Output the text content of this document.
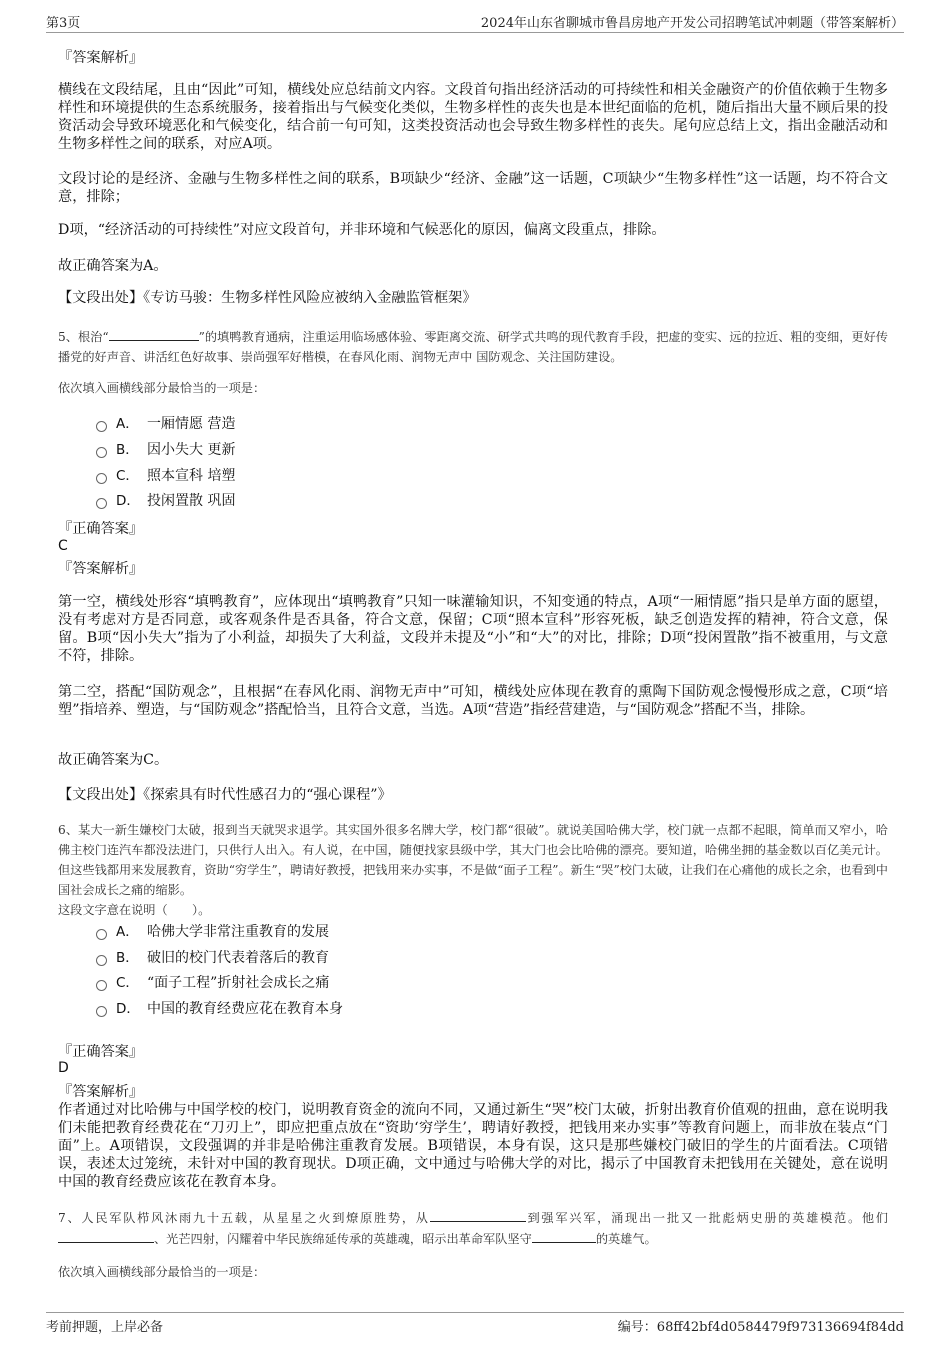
第3页	2024年山东省聊城市鲁昌房地产开发公司招聘笔试冲刺题（带答案解析）
『答案解析』

横线在文段结尾，且由“因此”可知，横线处应总结前文内容。文段首句指出经济活动的可持续性和相关金融资产的价值依赖于生物多样性和环境提供的生态系统服务，接着指出与气候变化类似，生物多样性的丧失也是本世纪面临的危机，随后指出大量不顾后果的投资活动会导致环境恶化和气候变化，结合前一句可知，这类投资活动也会导致生物多样性的丧失。尾句应总结上文，指出金融活动和生物多样性之间的联系，对应A项。

文段讨论的是经济、金融与生物多样性之间的联系，B项缺少“经济、金融”这一话题，C项缺少“生物多样性”这一话题，均不符合文意，排除；

D项，“经济活动的可持续性”对应文段首句，并非环境和气候恶化的原因，偏离文段重点，排除。

故正确答案为A。

【文段出处】《专访马骏：生物多样性风险应被纳入金融监管框架》

5、根治“	”的填鸭教育通病，注重运用临场感体验、零距离交流、研学式共鸣的现代教育手段，把虚的变实、远的拉近、粗的变细，更好传播党的好声音、讲活红色好故事、崇尚强军好楷模，在春风化雨、润物无声中 国防观念、关注国防建设。

依次填入画横线部分最恰当的一项是：

A． 一厢情愿 营造
B． 因小失大 更新
C． 照本宣科 培塑
D． 投闲置散 巩固
『正确答案』
C
『答案解析』

第一空，横线处形容“填鸭教育”，应体现出“填鸭教育”只知一味灌输知识，不知变通的特点，A项“一厢情愿”指只是单方面的愿望，没有考虑对方是否同意，或客观条件是否具备，符合文意，保留；C项“照本宣科”形容死板，缺乏创造发挥的精神，符合文意，保留。B项“因小失大”指为了小利益，却损失了大利益，文段并未提及“小”和“大”的对比，排除；D项“投闲置散”指不被重用，与文意不符，排除。

第二空，搭配“国防观念”，且根据“在春风化雨、润物无声中”可知，横线处应体现在教育的熏陶下国防观念慢慢形成之意，C项“培塑”指培养、塑造，与“国防观念”搭配恰当，且符合文意，当选。A项“营造”指经营建造，与“国防观念”搭配不当，排除。

故正确答案为C。

【文段出处】《探索具有时代性感召力的“强心课程”》

6、某大一新生嫌校门太破，报到当天就哭求退学。其实国外很多名牌大学，校门都“很破”。就说美国哈佛大学，校门就一点都不起眼，简单而又窄小，哈佛主校门连汽车都没法进门，只供行人出入。有人说，在中国，随便找家县级中学，其大门也会比哈佛的漂亮。要知道，哈佛坐拥的基金数以百亿美元计。但这些钱都用来发展教育，资助“穷学生”，聘请好教授，把钱用来办实事，不是做“面子工程”。新生“哭”校门太破，让我们在心痛他的成长之余，也看到中国社会成长之痛的缩影。

这段文字意在说明（　　）。

A． 哈佛大学非常注重教育的发展
B． 破旧的校门代表着落后的教育
C． “面子工程”折射社会成长之痛
D． 中国的教育经费应花在教育本身
『正确答案』
D
『答案解析』

作者通过对比哈佛与中国学校的校门，说明教育资金的流向不同，又通过新生“哭”校门太破，折射出教育价值观的扭曲，意在说明我们未能把教育经费花在“刀刃上”，即应把重点放在“资助‘穷学生’，聘请好教授，把钱用来办实事”等教育问题上，而非放在装点“门面”上。A项错误，文段强调的并非是哈佛注重教育发展。B项错误，本身有误，这只是那些嫌校门破旧的学生的片面看法。C项错误，表述太过笼统，未针对中国的教育现状。D项正确，文中通过与哈佛大学的对比，揭示了中国教育未把钱用在关键处，意在说明中国的教育经费应该花在教育本身。

7、人民军队栉风沐雨九十五载，从星星之火到燎原胜势，从	到强军兴军，涌现出一批又一批彪炳史册的英雄模范。他们、光芒四射，闪耀着中华民族绵延传承的英雄魂，昭示出革命军队坚守	的英雄气。

依次填入画横线部分最恰当的一项是：

考前押题，上岸必备	编号：68ff42bf4d0584479f973136694f84dd
